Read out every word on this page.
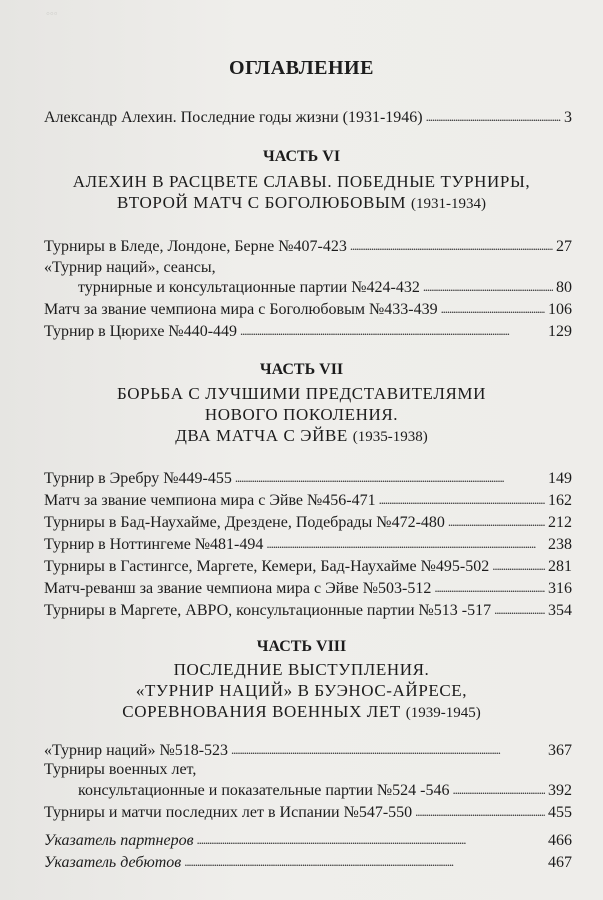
◦◦◦
ОГЛАВЛЕНИЕ
Александр Алехин. Последние годы жизни (1931-1946) . . .	3
ЧАСТЬ VI
АЛЕХИН В РАСЦВЕТЕ СЛАВЫ. ПОБЕДНЫЕ ТУРНИРЫ,
ВТОРОЙ МАТЧ С БОГОЛЮБОВЫМ (1931-1934)
Турниры в Бледе, Лондоне, Берне №407-423 . . .	27
«Турнир наций», сеансы,
турнирные и консультационные партии №424-432 . . .	80
Матч за звание чемпиона мира с Боголюбовым №433-439 . . .	106
Турнир в Цюрихе №440-449 . . .	129
ЧАСТЬ VII
БОРЬБА С ЛУЧШИМИ ПРЕДСТАВИТЕЛЯМИ
НОВОГО ПОКОЛЕНИЯ.
ДВА МАТЧА С ЭЙВЕ (1935-1938)
Турнир в Эребру №449-455 . . .	149
Матч за звание чемпиона мира с Эйве №456-471 . . .	162
Турниры в Бад-Наухайме, Дрездене, Подебрады №472-480 . . .	212
Турнир в Ноттингеме №481-494 . . .	238
Турниры в Гастингсе, Маргете, Кемери, Бад-Наухайме №495-502 . . .	281
Матч-реванш за звание чемпиона мира с Эйве №503-512 . . .	316
Турниры в Маргете, АВРО, консультационные партии №513 -517 . . .	354
ЧАСТЬ VIII
ПОСЛЕДНИЕ ВЫСТУПЛЕНИЯ.
«ТУРНИР НАЦИЙ» В БУЭНОС-АЙРЕСЕ,
СОРЕВНОВАНИЯ ВОЕННЫХ ЛЕТ (1939-1945)
«Турнир наций» №518-523 . . .	367
Турниры военных лет,
консультационные и показательные партии №524 -546 . . .	392
Турниры и матчи последних лет в Испании №547-550 . . .	455
Указатель партнеров . . .	466
Указатель дебютов . . .	467
